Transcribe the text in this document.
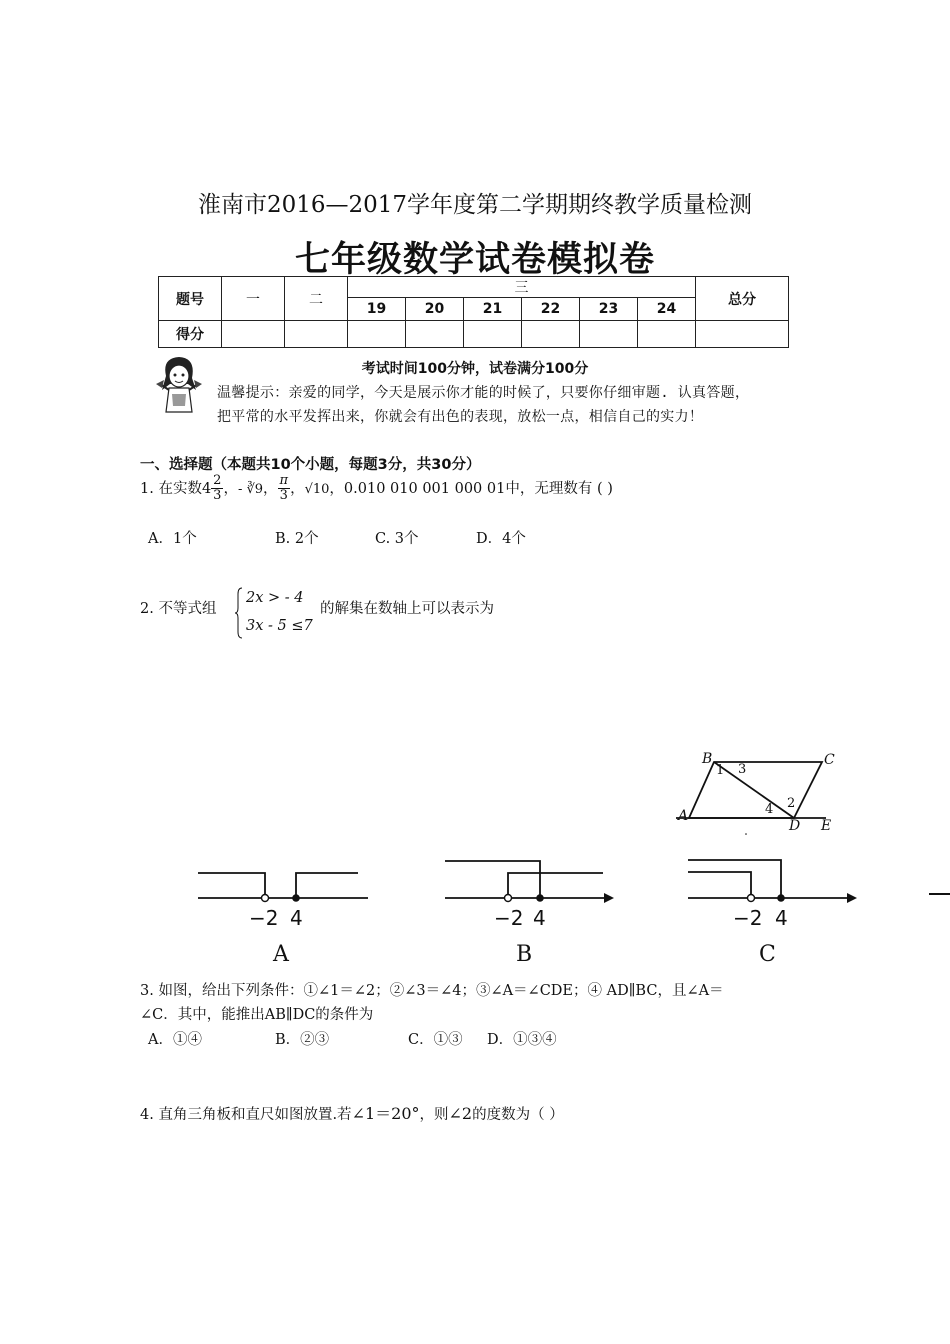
淮南市2016—2017学年度第二学期期终教学质量检测
七年级数学试卷模拟卷
题号	一	二	三						总分
			19	20	21	22	23	24	
得分									
考试时间100分钟，试卷满分100分
温馨提示：亲爱的同学，今天是展示你才能的时候了，只要你仔细审题. 认真答题，
把平常的水平发挥出来，你就会有出色的表现，放松一点，相信自己的实力！
一、选择题（本题共10个小题，每题3分，共30分）
1. 在实数$4 \frac{2}{3}$ ，- ∛9， $\frac{\pi}{3}$ ，√10，0.010 010 001 000 01中，无理数有 ( )
A．1个	B. 2个	C. 3个	D．4个
2. 不等式组
2x > - 4
3x - 5 ≤7
的解集在数轴上可以表示为
B	C
A
D E
1 3
4 2
−2 4
A
−2 4
B
−2 4
C
3. 如图，给出下列条件：①∠1＝∠2；②∠3＝∠4；③∠A＝∠CDE；④ AD∥BC，且∠A＝
∠C．其中，能推出AB∥DC的条件为
A．①④	B．②③	C．①③ D．①③④
4. 直角三角板和直尺如图放置.若∠1＝20°，则∠2的度数为（ ）
